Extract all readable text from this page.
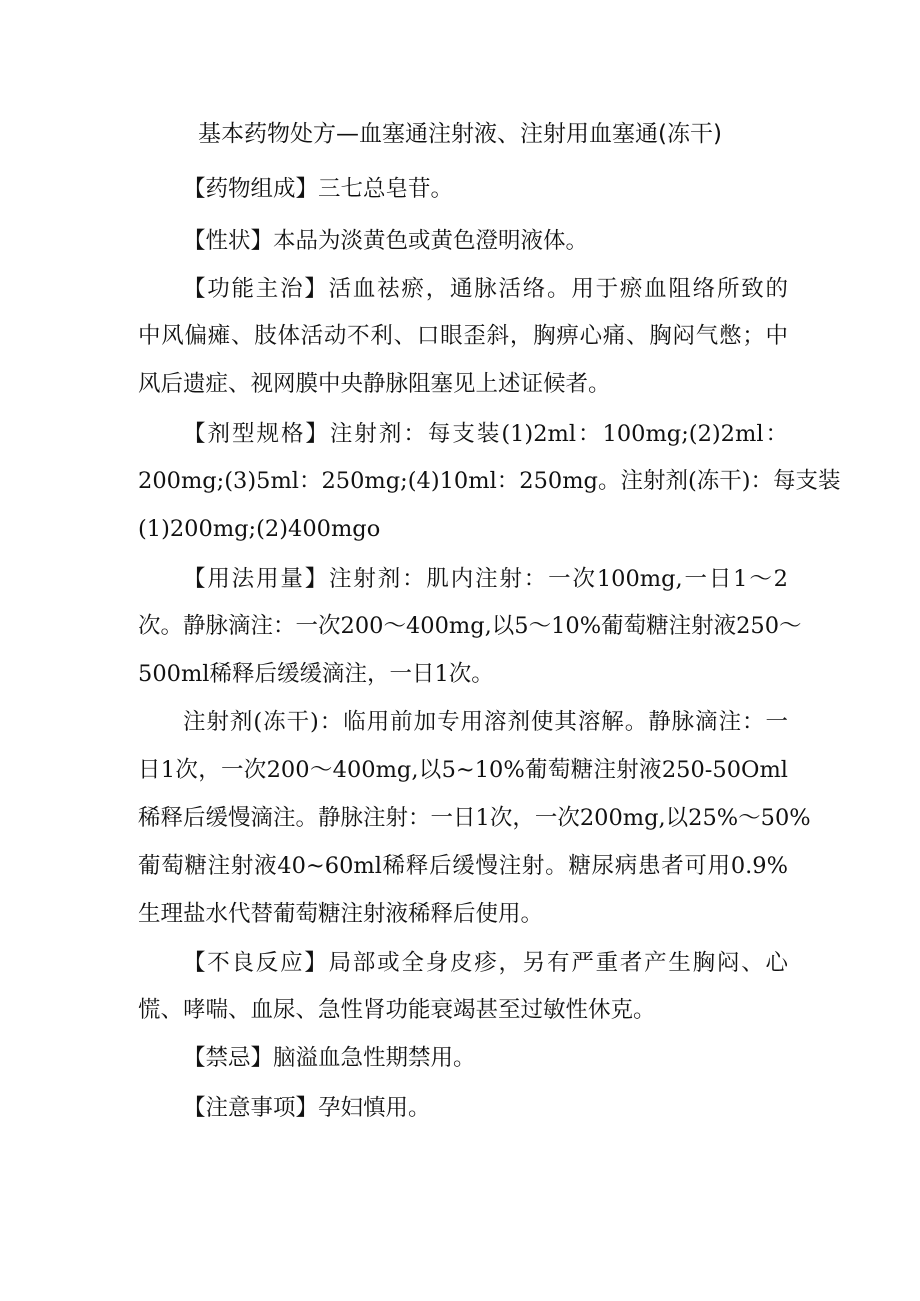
基本药物处方—血塞通注射液、注射用血塞通(冻干)
【药物组成】三七总皂苷。
【性状】本品为淡黄色或黄色澄明液体。
【功能主治】活血祛瘀，通脉活络。用于瘀血阻络所致的
中风偏瘫、肢体活动不利、口眼歪斜，胸痹心痛、胸闷气憋；中
风后遗症、视网膜中央静脉阻塞见上述证候者。
【剂型规格】注射剂：每支装(1)2ml：100mg;(2)2ml：
200mg;(3)5ml：250mg;(4)10ml：250mg。注射剂(冻干)：每支装
(1)200mg;(2)400mgo
【用法用量】注射剂：肌内注射：一次100mg,一日1～2
次。静脉滴注：一次200～400mg,以5～10%葡萄糖注射液250～
500ml稀释后缓缓滴注，一日1次。
注射剂(冻干)：临用前加专用溶剂使其溶解。静脉滴注：一
日1次，一次200～400mg,以5~10%葡萄糖注射液250-50Oml
稀释后缓慢滴注。静脉注射：一日1次，一次200mg,以25%～50%
葡萄糖注射液40~60ml稀释后缓慢注射。糖尿病患者可用0.9%
生理盐水代替葡萄糖注射液稀释后使用。
【不良反应】局部或全身皮疹，另有严重者产生胸闷、心
慌、哮喘、血尿、急性肾功能衰竭甚至过敏性休克。
【禁忌】脑溢血急性期禁用。
【注意事项】孕妇慎用。
